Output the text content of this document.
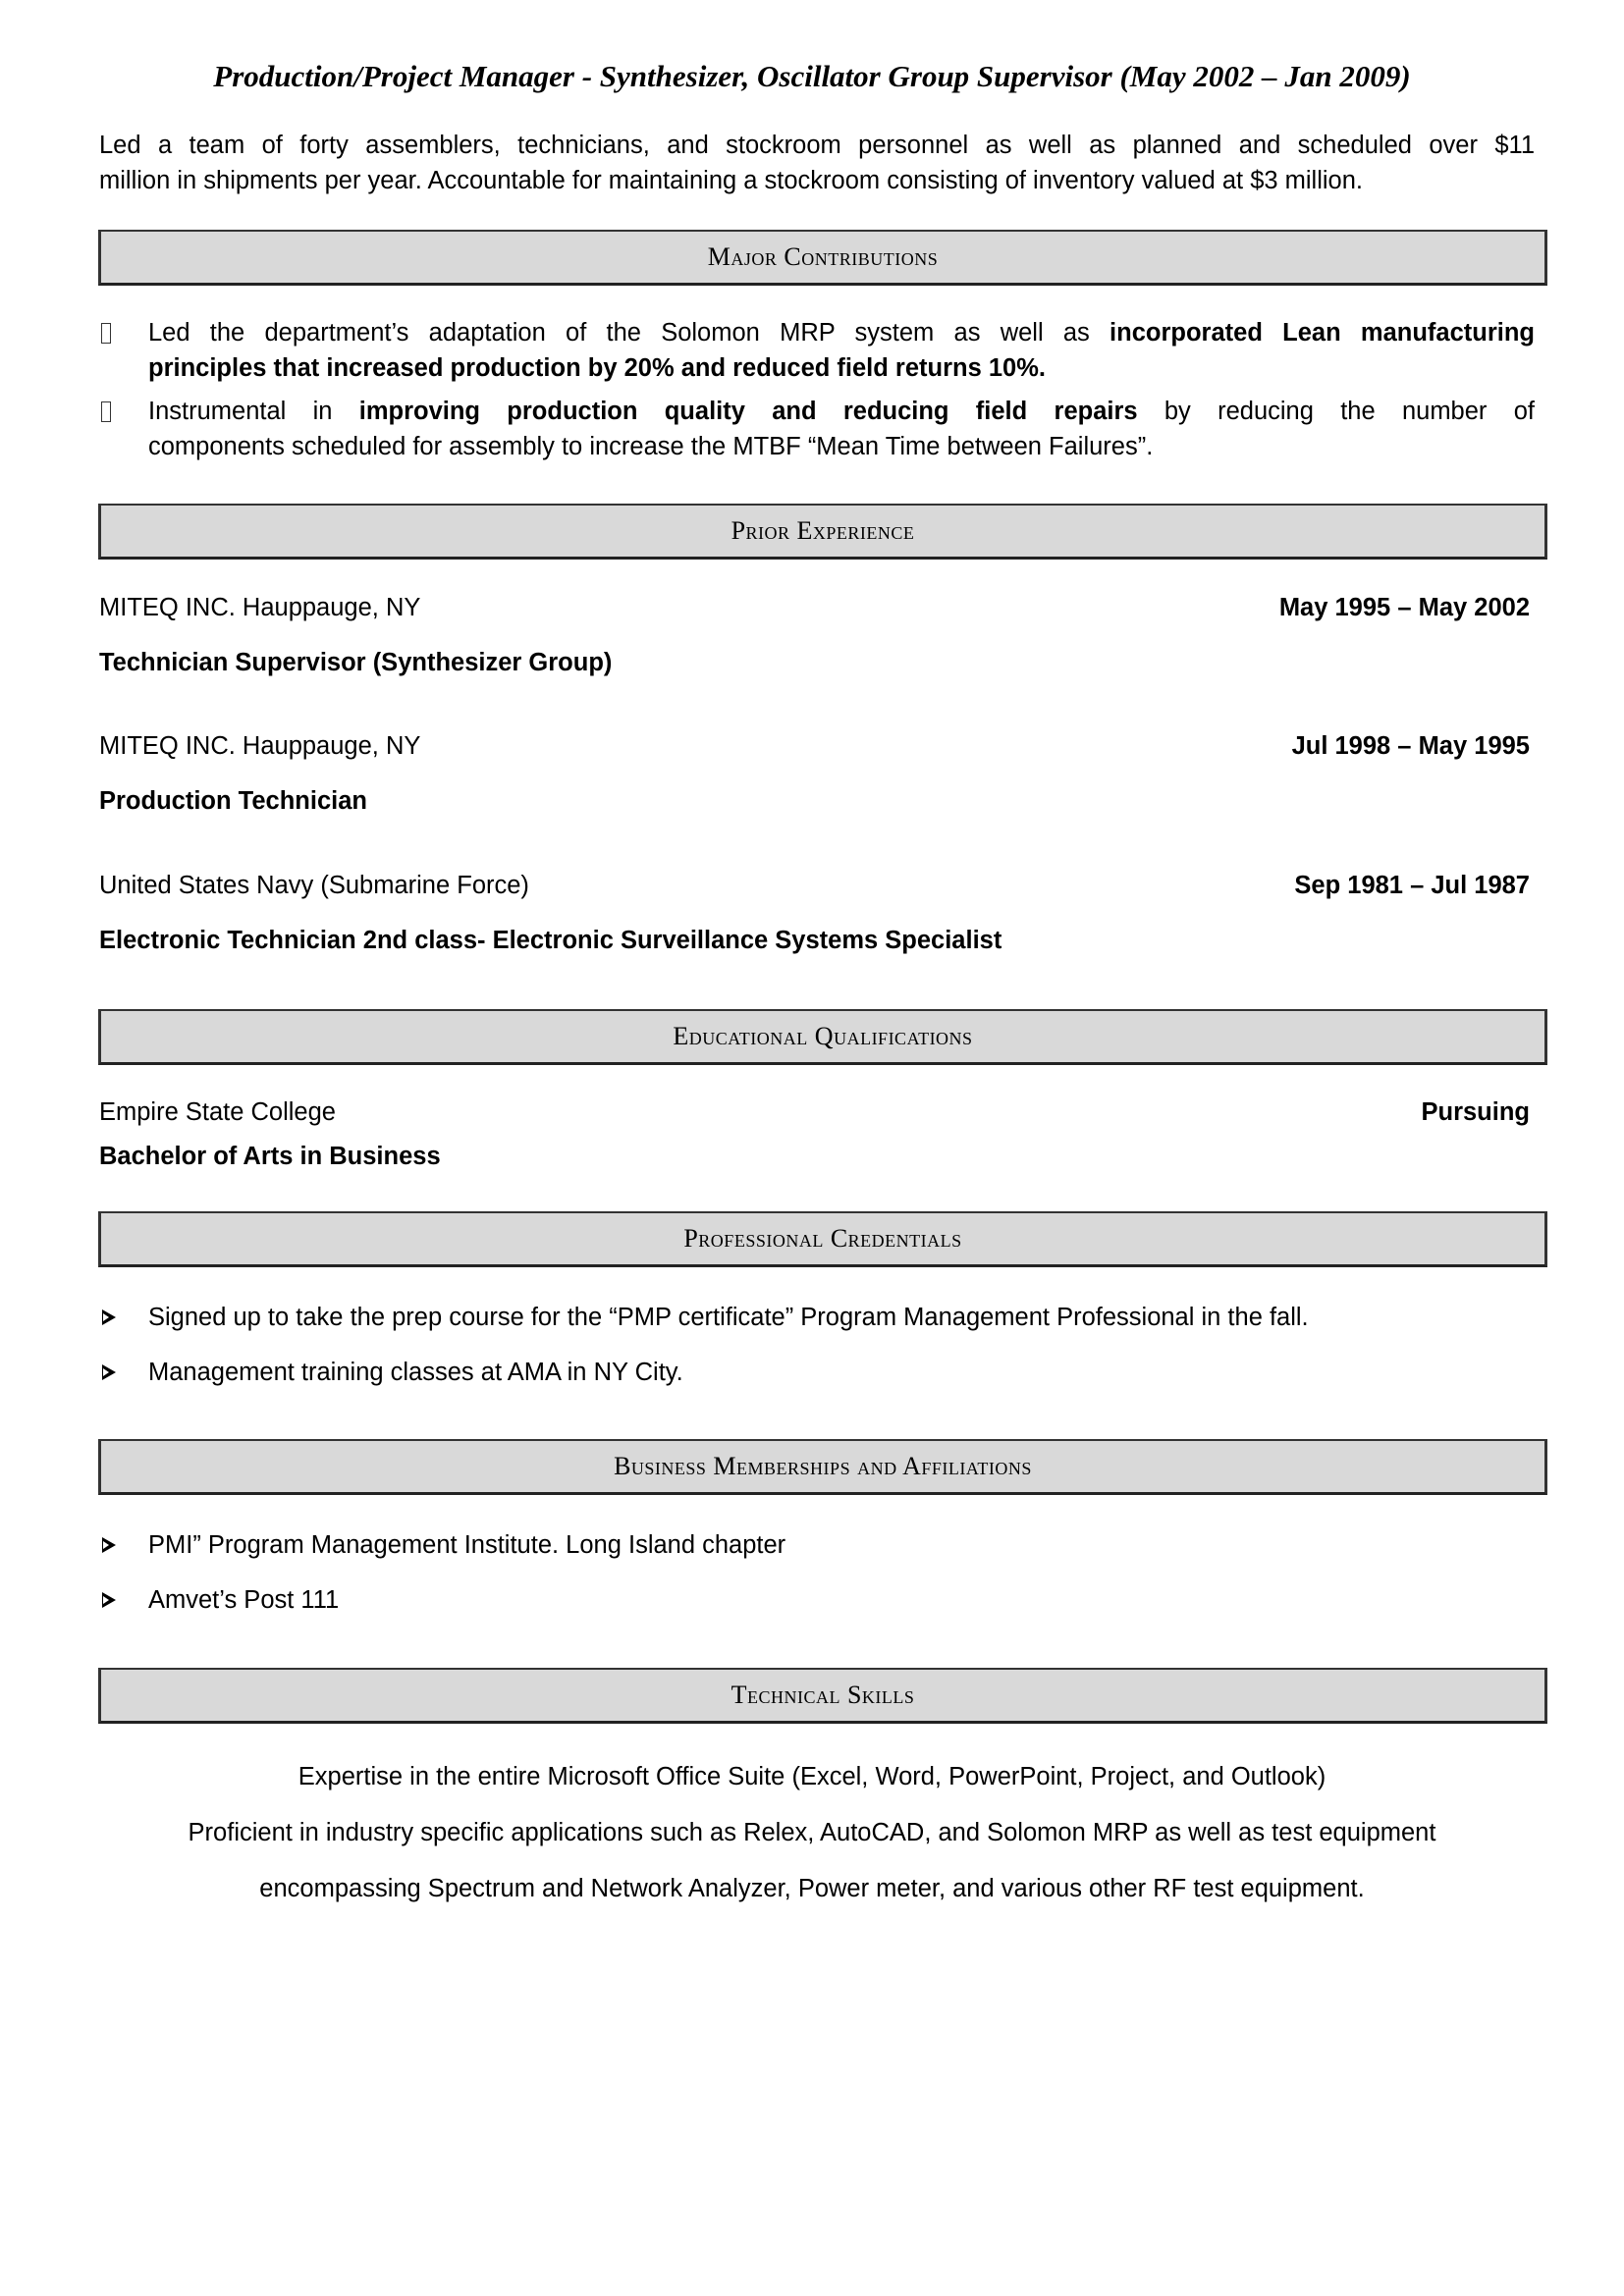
Production/Project Manager - Synthesizer, Oscillator Group Supervisor (May 2002 – Jan 2009)
Led a team of forty assemblers, technicians, and stockroom personnel as well as planned and scheduled over $11
million in shipments per year. Accountable for maintaining a stockroom consisting of inventory valued at $3 million.
Major Contributions
Led the department’s adaptation of the Solomon MRP system as well as incorporated Lean manufacturing
principles that increased production by 20% and reduced field returns 10%.
Instrumental in improving production quality and reducing field repairs by reducing the number of
components scheduled for assembly to increase the MTBF “Mean Time between Failures”.
Prior Experience
MITEQ INC. Hauppauge, NY	May 1995 – May 2002
Technician Supervisor (Synthesizer Group)
MITEQ INC. Hauppauge, NY	Jul 1998 – May 1995
Production Technician
United States Navy (Submarine Force)	Sep 1981 – Jul 1987
Electronic Technician 2nd class- Electronic Surveillance Systems Specialist
Educational Qualifications
Empire State College	Pursuing
Bachelor of Arts in Business
Professional Credentials
Signed up to take the prep course for the “PMP certificate” Program Management Professional in the fall.
Management training classes at AMA in NY City.
Business Memberships and Affiliations
PMI” Program Management Institute. Long Island chapter
Amvet’s Post 111
Technical Skills
Expertise in the entire Microsoft Office Suite (Excel, Word, PowerPoint, Project, and Outlook)
Proficient in industry specific applications such as Relex, AutoCAD, and Solomon MRP as well as test equipment
encompassing Spectrum and Network Analyzer, Power meter, and various other RF test equipment.
